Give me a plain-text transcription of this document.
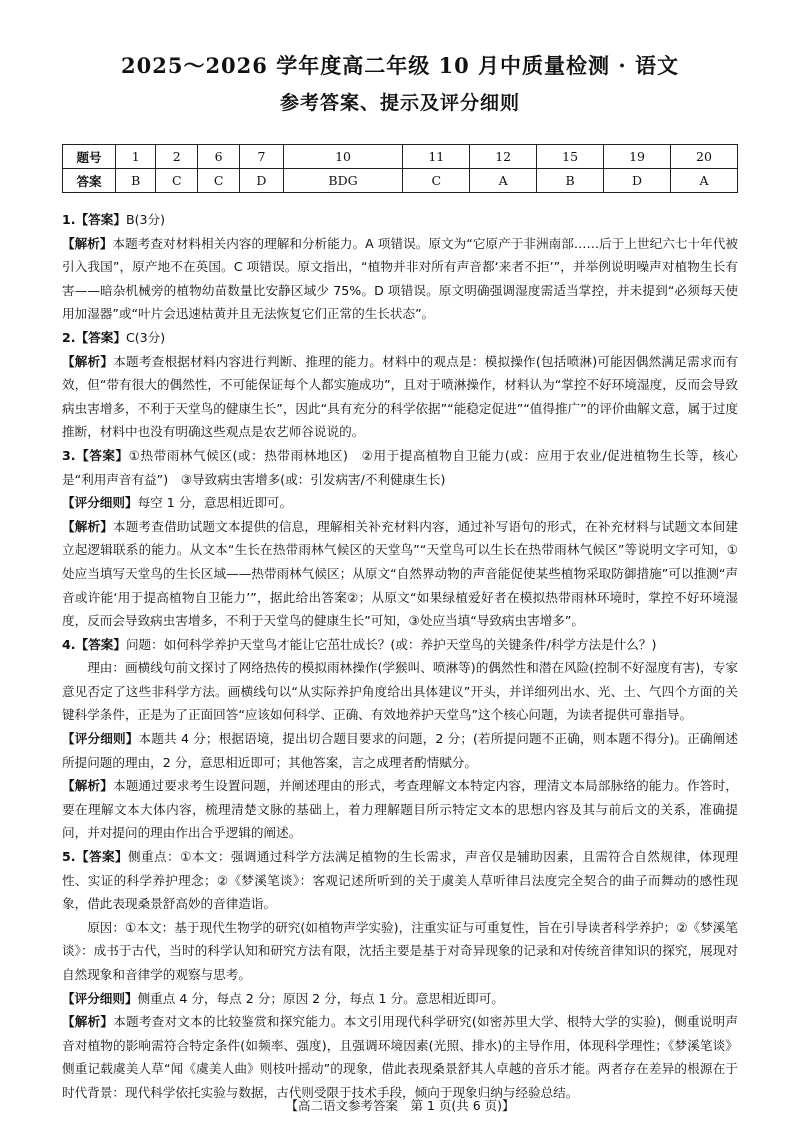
2025～2026 学年度高二年级 10 月中质量检测 · 语文
参考答案、提示及评分细则
题号	1	2	6	7	10	11	12	15	19	20
答案	B	C	C	D	BDG	C	A	B	D	A

1.【答案】B(3分)

【解析】本题考查对材料相关内容的理解和分析能力。A 项错误。原文为“它原产于非洲南部……后于上世纪六七十年代被引入我国”，原产地不在英国。C 项错误。原文指出，“植物并非对所有声音都‘来者不拒’”，并举例说明噪声对植物生长有害——暗杂机械旁的植物幼苗数量比安静区域少 75%。D 项错误。原文明确强调湿度需适当掌控，并未提到“必须每天使用加湿器”或“叶片会迅速枯黄并且无法恢复它们正常的生长状态”。

2.【答案】C(3分)

【解析】本题考查根据材料内容进行判断、推理的能力。材料中的观点是：模拟操作(包括喷淋)可能因偶然满足需求而有效，但“带有很大的偶然性，不可能保证每个人都实施成功”，且对于喷淋操作，材料认为“掌控不好环境湿度，反而会导致病虫害增多，不利于天堂鸟的健康生长”，因此“具有充分的科学依据”“能稳定促进”“值得推广”的评价曲解文意，属于过度推断，材料中也没有明确这些观点是农艺师谷说说的。

3.【答案】①热带雨林气候区(或：热带雨林地区)　②用于提高植物自卫能力(或：应用于农业/促进植物生长等，核心是“利用声音有益”)　③导致病虫害增多(或：引发病害/不利健康生长)

【评分细则】每空 1 分，意思相近即可。

【解析】本题考查借助试题文本提供的信息，理解相关补充材料内容，通过补写语句的形式，在补充材料与试题文本间建立起逻辑联系的能力。从文本“生长在热带雨林气候区的天堂鸟”“天堂鸟可以生长在热带雨林气候区”等说明文字可知，①处应当填写天堂鸟的生长区域——热带雨林气候区；从原文“自然界动物的声音能促使某些植物采取防御措施”可以推测“声音或许能‘用于提高植物自卫能力’”，据此给出答案②；从原文“如果绿植爱好者在模拟热带雨林环境时，掌控不好环境湿度，反而会导致病虫害增多，不利于天堂鸟的健康生长”可知，③处应当填“导致病虫害增多”。

4.【答案】问题：如何科学养护天堂鸟才能让它茁壮成长？(或：养护天堂鸟的关键条件/科学方法是什么？)

理由：画横线句前文探讨了网络热传的模拟雨林操作(学猴叫、喷淋等)的偶然性和潜在风险(控制不好湿度有害)，专家意见否定了这些非科学方法。画横线句以“从实际养护角度给出具体建议”开头，并详细列出水、光、土、气四个方面的关键科学条件，正是为了正面回答“应该如何科学、正确、有效地养护天堂鸟”这个核心问题，为读者提供可靠指导。

【评分细则】本题共 4 分；根据语境，提出切合题目要求的问题，2 分；(若所提问题不正确，则本题不得分)。正确阐述所提问题的理由，2 分，意思相近即可；其他答案，言之成理者酌情赋分。

【解析】本题通过要求考生设置问题，并阐述理由的形式，考查理解文本特定内容，理清文本局部脉络的能力。作答时，要在理解文本大体内容，梳理清楚文脉的基础上，着力理解题目所示特定文本的思想内容及其与前后文的关系，准确提问，并对提问的理由作出合乎逻辑的阐述。

5.【答案】侧重点：①本文：强调通过科学方法满足植物的生长需求，声音仅是辅助因素，且需符合自然规律，体现理性、实证的科学养护理念；②《梦溪笔谈》：客观记述所听到的关于虞美人草听律吕法度完全契合的曲子而舞动的感性现象，借此表现桑景舒高妙的音律造诣。

原因：①本文：基于现代生物学的研究(如植物声学实验)，注重实证与可重复性，旨在引导读者科学养护；②《梦溪笔谈》：成书于古代，当时的科学认知和研究方法有限，沈括主要是基于对奇异现象的记录和对传统音律知识的探究，展现对自然现象和音律学的观察与思考。

【评分细则】侧重点 4 分，每点 2 分；原因 2 分，每点 1 分。意思相近即可。

【解析】本题考查对文本的比较鉴赏和探究能力。本文引用现代科学研究(如密苏里大学、根特大学的实验)，侧重说明声音对植物的影响需符合特定条件(如频率、强度)，且强调环境因素(光照、排水)的主导作用，体现科学理性；《梦溪笔谈》侧重记载虞美人草“闻《虞美人曲》则枝叶摇动”的现象，借此表现桑景舒其人卓越的音乐才能。两者存在差异的根源在于时代背景：现代科学依托实验与数据，古代则受限于技术手段，倾向于现象归纳与经验总结。

【高二语文参考答案　第 1 页(共 6 页)】
